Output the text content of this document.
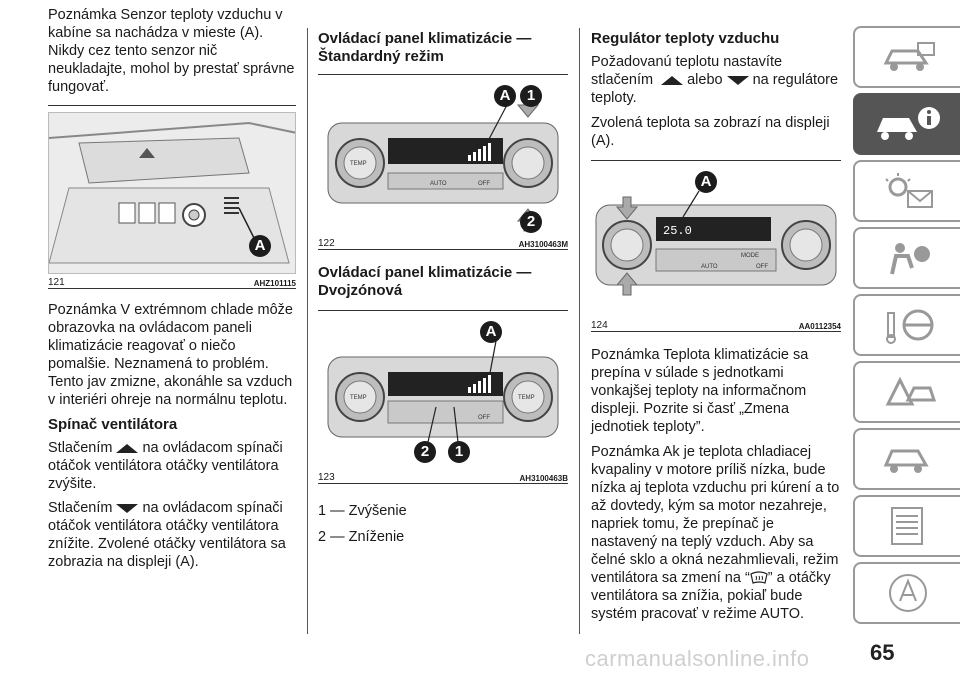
Poznámka Senzor teploty vzduchu v kabíne sa nachádza v mieste (A). Nikdy cez tento senzor nič neukladajte, mohol by prestať správne fungovať.

A
121	AHZ101115

Poznámka V extrémnom chlade môže obrazovka na ovládacom paneli klimatizácie reagovať o niečo pomalšie. Neznamená to problém. Tento jav zmizne, akonáhle sa vzduch v interiéri ohreje na normálnu teplotu.

Spínač ventilátora

Stlačením na ovládacom spínači otáčok ventilátora otáčky ventilátora zvýšite.

Stlačením na ovládacom spínači otáčok ventilátora otáčky ventilátora znížite. Zvolené otáčky ventilátora sa zobrazia na displeji (A).

Ovládací panel klimatizácie — Štandardný režim
AUTO	OFF
TEMP
A	1
2
122	AH3100463M
Ovládací panel klimatizácie — Dvojzónová
OFF
TEMP	TEMP
A
2	1
123	AH3100463B

1 — Zvýšenie

2 — Zníženie

Regulátor teploty vzduchu

Požadovanú teplotu nastavíte stlačením alebo na regulátore teploty.

Zvolená teplota sa zobrazí na displeji (A).

25.0
MODE
AUTO	OFF
A
124	AA0112354

Poznámka Teplota klimatizácie sa prepína v súlade s jednotkami vonkajšej teploty na informačnom displeji. Pozrite si časť „Zmena jednotiek teploty”.

Poznámka Ak je teplota chladiacej kvapaliny v motore príliš nízka, bude nízka aj teplota vzduchu pri kúrení a to až dovtedy, kým sa motor nezahreje, napriek tomu, že prepínač je nastavený na teplý vzduch. Aby sa čelné sklo a okná nezahmlievali, režim ventilátora sa zmení na “ ” a otáčky ventilátora sa znížia, pokiaľ bude systém pracovať v režime AUTO.

carmanualsonline.info	65
